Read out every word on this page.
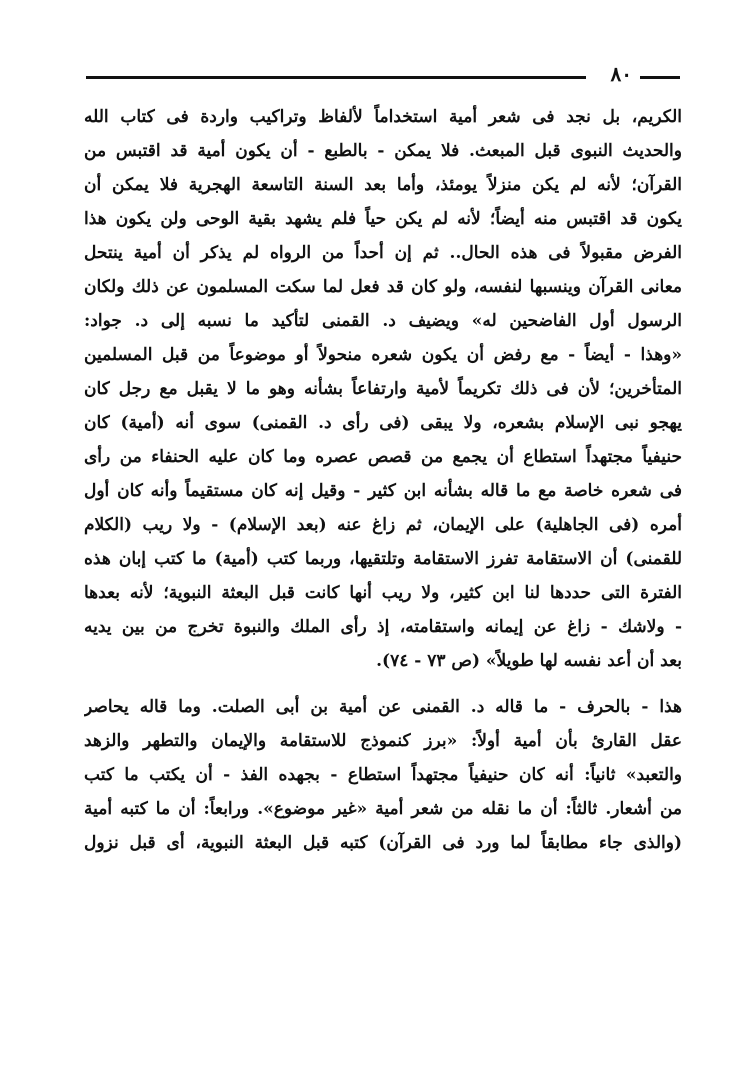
٨٠
الكريم، بل نجد فى شعر أمية استخداماً لألفاظ وتراكيب واردة فى كتاب الله
والحديث النبوى قبل المبعث. فلا يمكن - بالطبع - أن يكون أمية قد اقتبس من
القرآن؛ لأنه لم يكن منزلاً يومئذ، وأما بعد السنة التاسعة الهجرية فلا يمكن أن
يكون قد اقتبس منه أيضاً؛ لأنه لم يكن حياً فلم يشهد بقية الوحى ولن يكون هذا
الفرض مقبولاً فى هذه الحال.. ثم إن أحداً من الرواه لم يذكر أن أمية ينتحل
معانى القرآن وينسبها لنفسه، ولو كان قد فعل لما سكت المسلمون عن ذلك ولكان
الرسول أول الفاضحين له» ويضيف د. القمنى لتأكيد ما نسبه إلى د. جواد:
«وهذا - أيضاً - مع رفض أن يكون شعره منحولاً أو موضوعاً من قبل المسلمين
المتأخرين؛ لأن فى ذلك تكريماً لأمية وارتفاعاً بشأنه وهو ما لا يقبل مع رجل كان
يهجو نبى الإسلام بشعره، ولا يبقى (فى رأى د. القمنى) سوى أنه (أمية) كان
حنيفياً مجتهداً استطاع أن يجمع من قصص عصره وما كان عليه الحنفاء من رأى
فى شعره خاصة مع ما قاله بشأنه ابن كثير - وقيل إنه كان مستقيماً وأنه كان أول
أمره (فى الجاهلية) على الإيمان، ثم زاغ عنه (بعد الإسلام) - ولا ريب (الكلام
للقمنى) أن الاستقامة تفرز الاستقامة وتلتقيها، وربما كتب (أمية) ما كتب إبان هذه
الفترة التى حددها لنا ابن كثير، ولا ريب أنها كانت قبل البعثة النبوية؛ لأنه بعدها
- ولاشك - زاغ عن إيمانه واستقامته، إذ رأى الملك والنبوة تخرج من بين يديه
بعد أن أعد نفسه لها طويلاً» (ص ٧٣ - ٧٤).
هذا - بالحرف - ما قاله د. القمنى عن أمية بن أبى الصلت. وما قاله يحاصر
عقل القارئ بأن أمية أولاً: «برز كنموذج للاستقامة والإيمان والتطهر والزهد
والتعبد» ثانياً: أنه كان حنيفياً مجتهداً استطاع - بجهده الفذ - أن يكتب ما كتب
من أشعار. ثالثاً: أن ما نقله من شعر أمية «غير موضوع». ورابعاً: أن ما كتبه أمية
(والذى جاء مطابقاً لما ورد فى القرآن) كتبه قبل البعثة النبوية، أى قبل نزول
